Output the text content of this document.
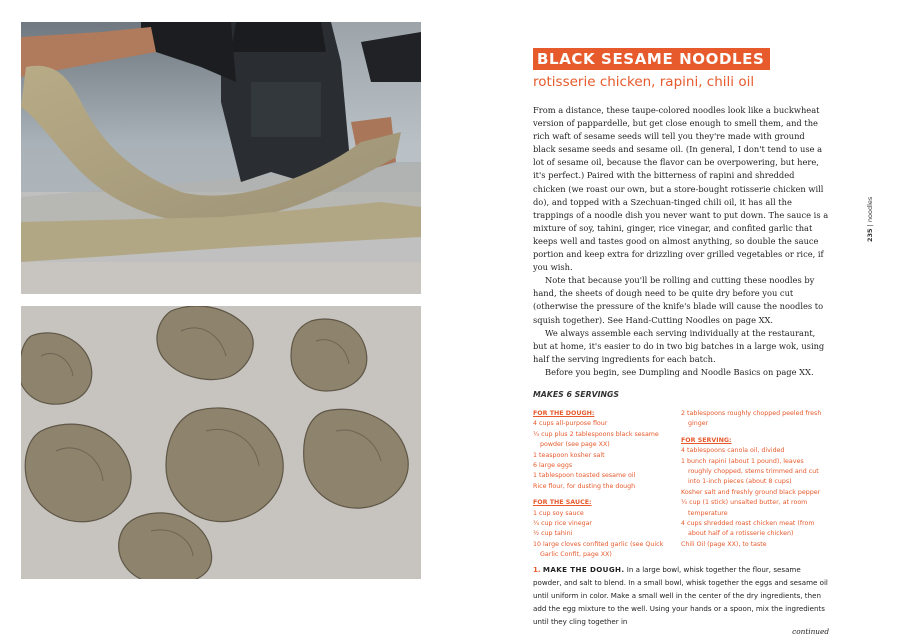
235 | noodles
BLACK SESAME NOODLES
rotisserie chicken, rapini, chili oil

From a distance, these taupe-colored noodles look like a buckwheat version of pappardelle, but get close enough to smell them, and the rich waft of sesame seeds will tell you they're made with ground black sesame seeds and sesame oil. (In general, I don't tend to use a lot of sesame oil, because the flavor can be overpowering, but here, it's perfect.) Paired with the bitterness of rapini and shredded chicken (we roast our own, but a store-bought rotisserie chicken will do), and topped with a Szechuan-tinged chili oil, it has all the trappings of a noodle dish you never want to put down. The sauce is a mixture of soy, tahini, ginger, rice vinegar, and confited garlic that keeps well and tastes good on almost anything, so double the sauce portion and keep extra for drizzling over grilled vegetables or rice, if you wish.

Note that because you'll be rolling and cutting these noodles by hand, the sheets of dough need to be quite dry before you cut (otherwise the pressure of the knife's blade will cause the noodles to squish together). See Hand-Cutting Noodles on page XX.

We always assemble each serving individually at the restaurant, but at home, it's easier to do in two big batches in a large wok, using half the serving ingredients for each batch.

Before you begin, see Dumpling and Noodle Basics on page XX.

MAKES 6 SERVINGS
FOR THE DOUGH:
4 cups all-purpose flour
¼ cup plus 2 tablespoons black sesame powder (see page XX)
1 teaspoon kosher salt
6 large eggs
1 tablespoon toasted sesame oil
Rice flour, for dusting the dough
FOR THE SAUCE:
1 cup soy sauce
¼ cup rice vinegar
½ cup tahini
10 large cloves confited garlic (see Quick Garlic Confit, page XX)
2 tablespoons roughly chopped peeled fresh ginger
FOR SERVING:
4 tablespoons canola oil, divided
1 bunch rapini (about 1 pound), leaves roughly chopped, stems trimmed and cut into 1-inch pieces (about 8 cups)
Kosher salt and freshly ground black pepper
¼ cup (1 stick) unsalted butter, at room temperature
4 cups shredded roast chicken meat (from about half of a rotisserie chicken)
Chili Oil (page XX), to taste
1. MAKE THE DOUGH. In a large bowl, whisk together the flour, sesame powder, and salt to blend. In a small bowl, whisk together the eggs and sesame oil until uniform in color. Make a small well in the center of the dry ingredients, then add the egg mixture to the well. Using your hands or a spoon, mix the ingredients until they cling together in
continued
